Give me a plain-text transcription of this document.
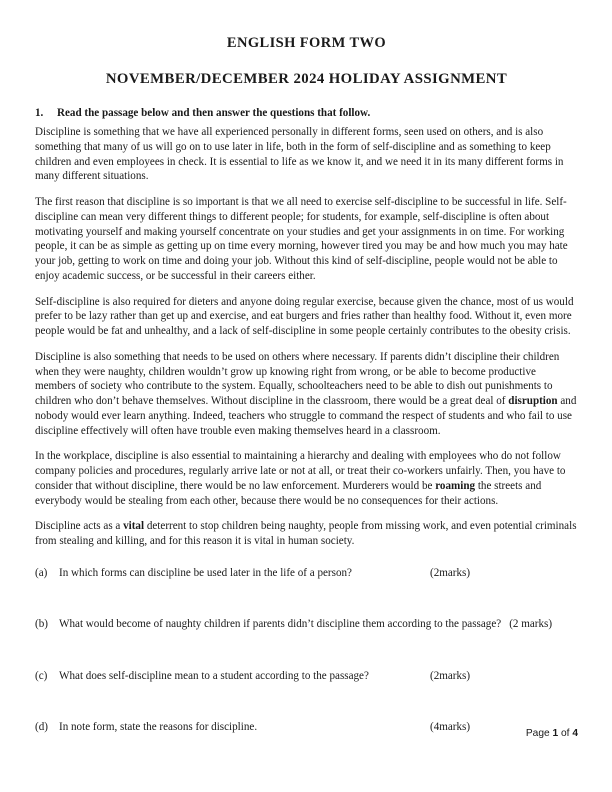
ENGLISH FORM TWO
NOVEMBER/DECEMBER 2024 HOLIDAY ASSIGNMENT
1. Read the passage below and then answer the questions that follow.

Discipline is something that we have all experienced personally in different forms, seen used on others, and is also something that many of us will go on to use later in life, both in the form of self-discipline and as something to keep children and even employees in check. It is essential to life as we know it, and we need it in its many different forms in many different situations.

The first reason that discipline is so important is that we all need to exercise self-discipline to be successful in life. Self-discipline can mean very different things to different people; for students, for example, self-discipline is often about motivating yourself and making yourself concentrate on your studies and get your assignments in on time. For working people, it can be as simple as getting up on time every morning, however tired you may be and how much you may hate your job, getting to work on time and doing your job. Without this kind of self-discipline, people would not be able to enjoy academic success, or be successful in their careers either.

Self-discipline is also required for dieters and anyone doing regular exercise, because given the chance, most of us would prefer to be lazy rather than get up and exercise, and eat burgers and fries rather than healthy food. Without it, even more people would be fat and unhealthy, and a lack of self-discipline in some people certainly contributes to the obesity crisis.

Discipline is also something that needs to be used on others where necessary. If parents didn’t discipline their children when they were naughty, children wouldn’t grow up knowing right from wrong, or be able to become productive members of society who contribute to the system. Equally, schoolteachers need to be able to dish out punishments to children who don’t behave themselves. Without discipline in the classroom, there would be a great deal of disruption and nobody would ever learn anything. Indeed, teachers who struggle to command the respect of students and who fail to use discipline effectively will often have trouble even making themselves heard in a classroom.

In the workplace, discipline is also essential to maintaining a hierarchy and dealing with employees who do not follow company policies and procedures, regularly arrive late or not at all, or treat their co-workers unfairly. Then, you have to consider that without discipline, there would be no law enforcement. Murderers would be roaming the streets and everybody would be stealing from each other, because there would be no consequences for their actions.

Discipline acts as a vital deterrent to stop children being naughty, people from missing work, and even potential criminals from stealing and killing, and for this reason it is vital in human society.

(a) In which forms can discipline be used later in the life of a person?	(2marks)
(b) What would become of naughty children if parents didn’t discipline them according to the passage? (2 marks)
(c) What does self-discipline mean to a student according to the passage?	(2marks)
(d) In note form, state the reasons for discipline.	(4marks)
Page 1 of 4
